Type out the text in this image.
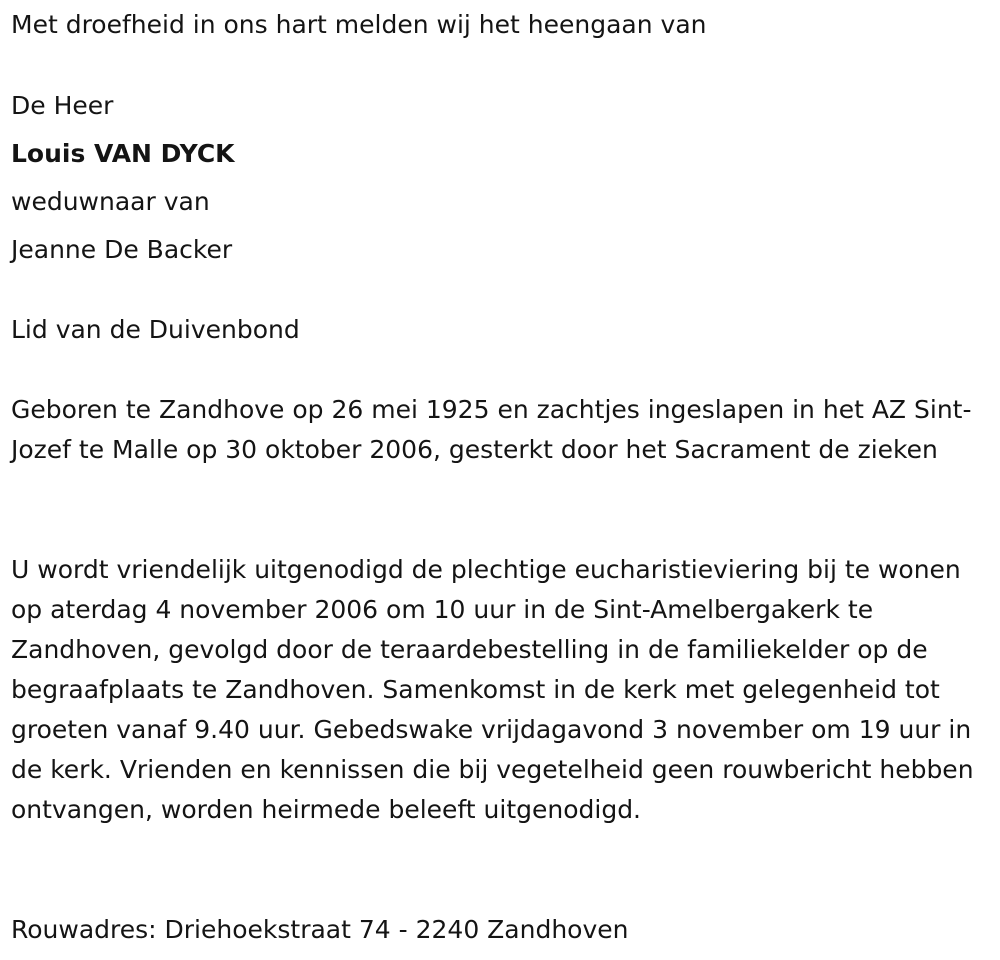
Met droefheid in ons hart melden wij het heengaan van
De Heer
Louis VAN DYCK
weduwnaar van
Jeanne De Backer
Lid van de Duivenbond
Geboren te Zandhove op 26 mei 1925 en zachtjes ingeslapen in het AZ Sint-Jozef te Malle op 30 oktober 2006, gesterkt door het Sacrament de zieken
U wordt vriendelijk uitgenodigd de plechtige eucharistieviering bij te wonen op aterdag 4 november 2006 om 10 uur in de Sint-Amelbergakerk te Zandhoven, gevolgd door de teraardebestelling in de familiekelder op de begraafplaats te Zandhoven. Samenkomst in de kerk met gelegenheid tot groeten vanaf 9.40 uur. Gebedswake vrijdagavond 3 november om 19 uur in de kerk. Vrienden en kennissen die bij vegetelheid geen rouwbericht hebben ontvangen, worden heirmede beleeft uitgenodigd.
Rouwadres: Driehoekstraat 74 - 2240 Zandhoven
